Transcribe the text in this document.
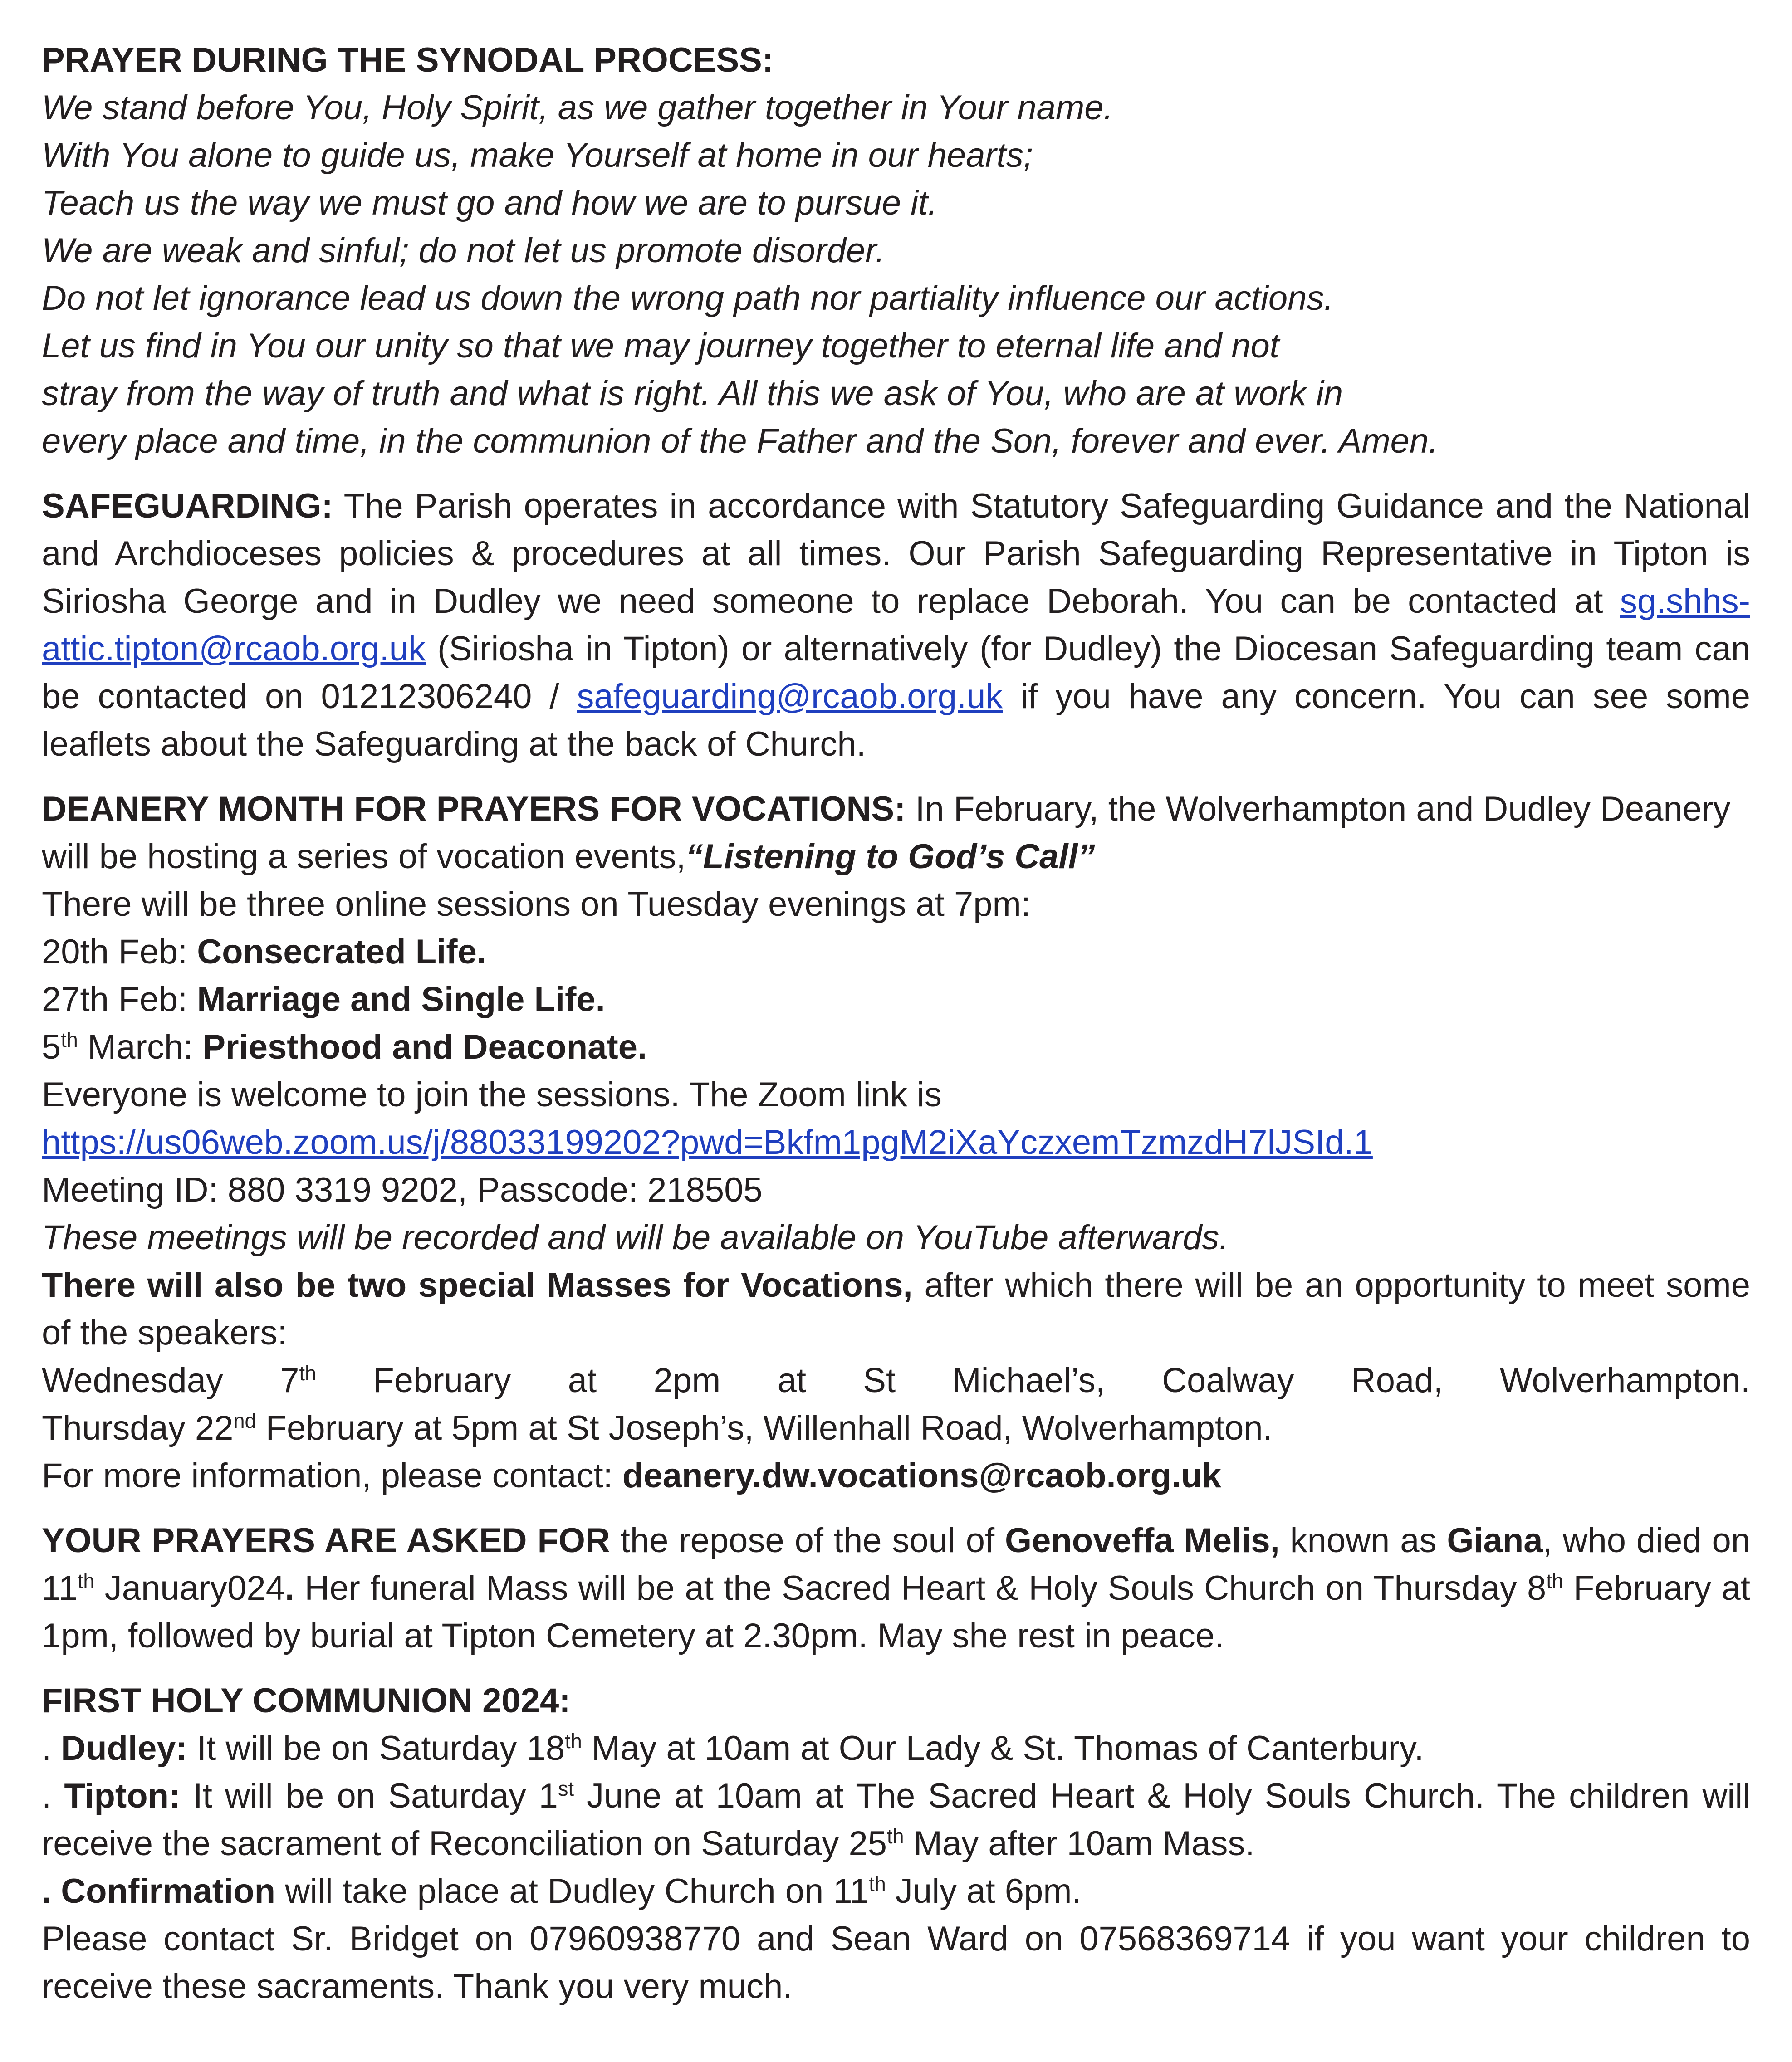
PRAYER DURING THE SYNODAL PROCESS:
We stand before You, Holy Spirit, as we gather together in Your name.
With You alone to guide us, make Yourself at home in our hearts;
Teach us the way we must go and how we are to pursue it.
We are weak and sinful; do not let us promote disorder.
Do not let ignorance lead us down the wrong path nor partiality influence our actions.
Let us find in You our unity so that we may journey together to eternal life and not
stray from the way of truth and what is right. All this we ask of You, who are at work in
every place and time, in the communion of the Father and the Son, forever and ever. Amen.
SAFEGUARDING: The Parish operates in accordance with Statutory Safeguarding Guidance and the National and Archdioceses policies & procedures at all times. Our Parish Safeguarding Representative in Tipton is Siriosha George and in Dudley we need someone to replace Deborah. You can be contacted at sg.shhs-attic.tipton@rcaob.org.uk (Siriosha in Tipton) or alternatively (for Dudley) the Diocesan Safeguarding team can be contacted on 01212306240 / safeguarding@rcaob.org.uk if you have any concern. You can see some leaflets about the Safeguarding at the back of Church.
DEANERY MONTH FOR PRAYERS FOR VOCATIONS: In February, the Wolverhampton and Dudley Deanery
will be hosting a series of vocation events,“Listening to God’s Call”
There will be three online sessions on Tuesday evenings at 7pm:
20th Feb: Consecrated Life.
27th Feb: Marriage and Single Life.
5th March: Priesthood and Deaconate.
Everyone is welcome to join the sessions. The Zoom link is
https://us06web.zoom.us/j/88033199202?pwd=Bkfm1pgM2iXaYczxemTzmzdH7lJSId.1
Meeting ID: 880 3319 9202, Passcode: 218505
These meetings will be recorded and will be available on YouTube afterwards.
There will also be two special Masses for Vocations, after which there will be an opportunity to meet some of the speakers:
Wednesday 7th February at 2pm at St Michael’s, Coalway Road, Wolverhampton.
Thursday 22nd February at 5pm at St Joseph’s, Willenhall Road, Wolverhampton.
For more information, please contact: deanery.dw.vocations@rcaob.org.uk
YOUR PRAYERS ARE ASKED FOR the repose of the soul of Genoveffa Melis, known as Giana, who died on 11th January024. Her funeral Mass will be at the Sacred Heart & Holy Souls Church on Thursday 8th February at 1pm, followed by burial at Tipton Cemetery at 2.30pm. May she rest in peace.
FIRST HOLY COMMUNION 2024:
. Dudley: It will be on Saturday 18th May at 10am at Our Lady & St. Thomas of Canterbury.
. Tipton: It will be on Saturday 1st June at 10am at The Sacred Heart & Holy Souls Church. The children will receive the sacrament of Reconciliation on Saturday 25th May after 10am Mass.
. Confirmation will take place at Dudley Church on 11th July at 6pm.
Please contact Sr. Bridget on 07960938770 and Sean Ward on 07568369714 if you want your children to receive these sacraments. Thank you very much.
